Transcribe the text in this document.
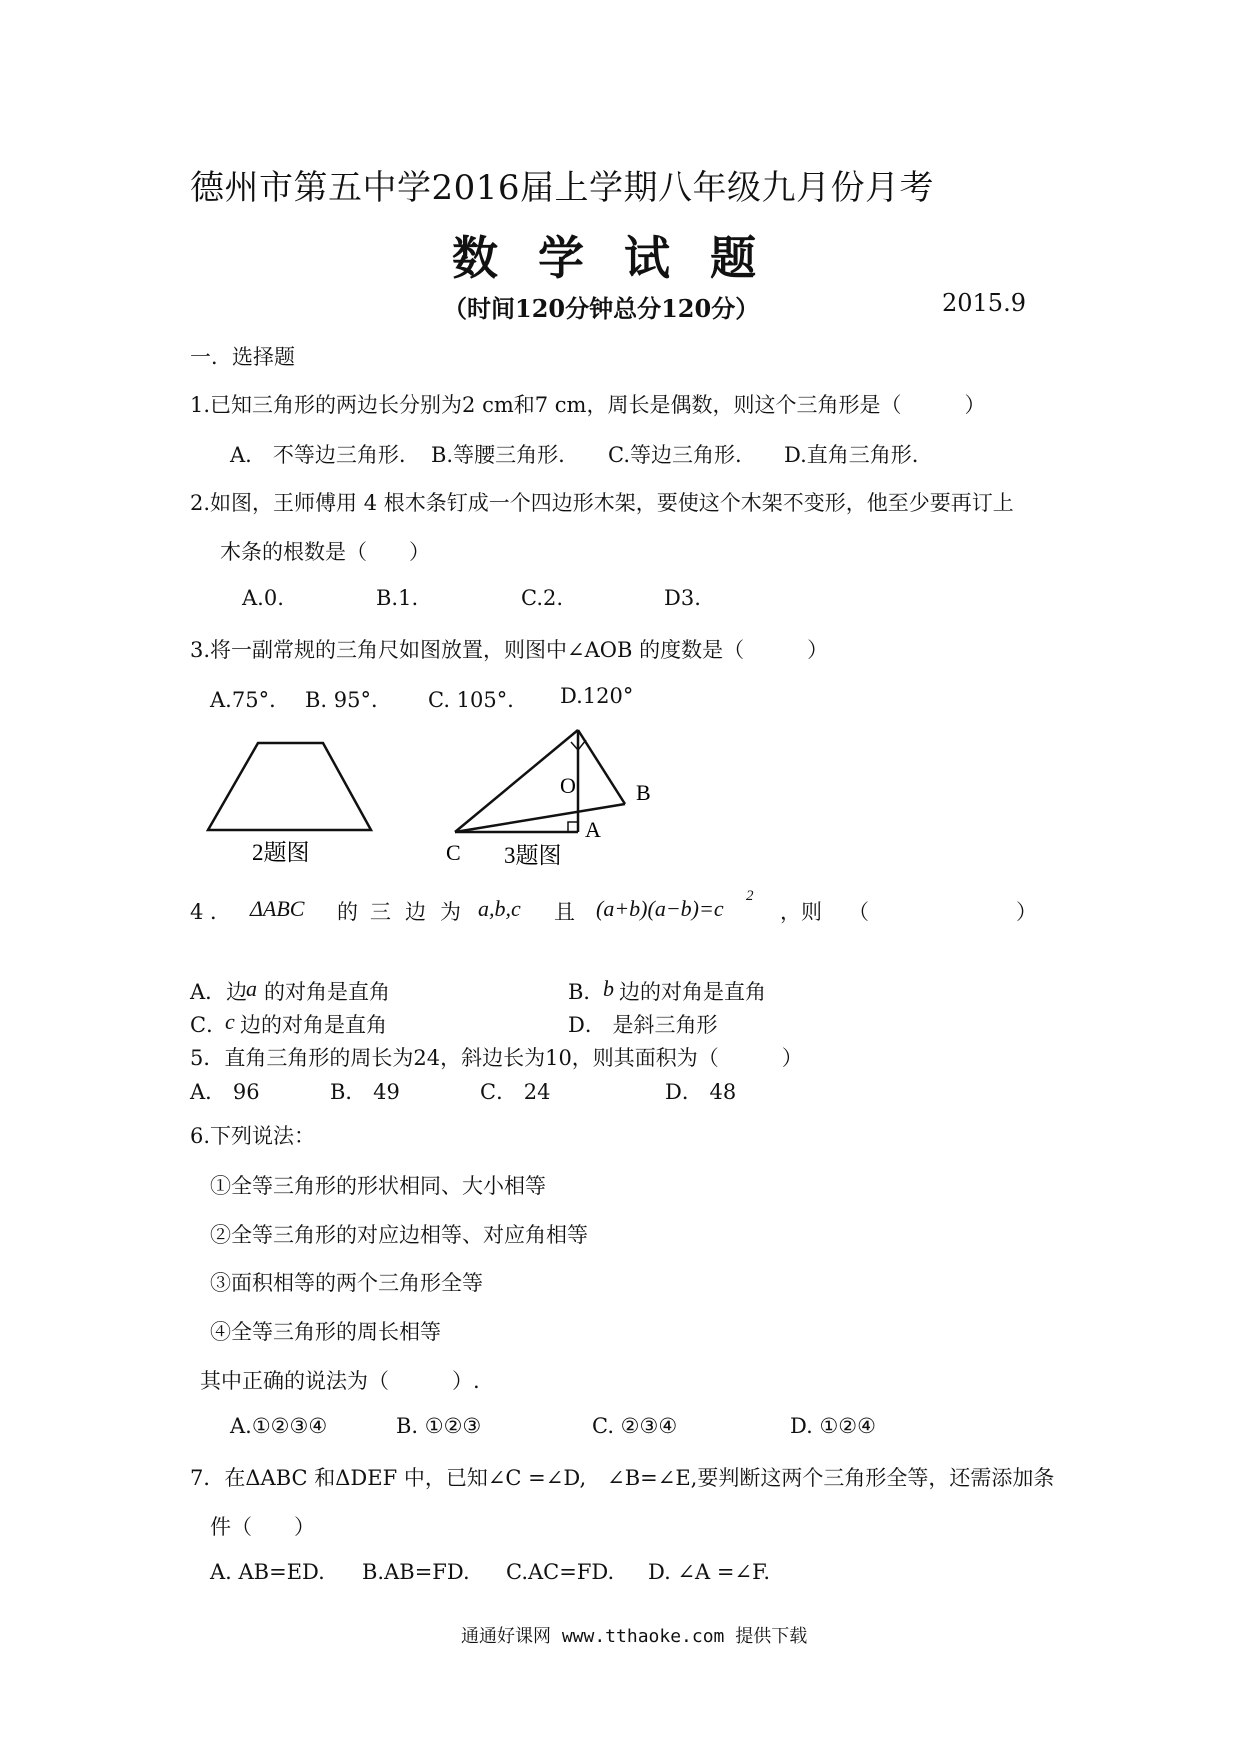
德州市第五中学2016届上学期八年级九月份月考
数 学 试 题
（时间120分钟总分120分）	2015.9
一．选择题
1.已知三角形的两边长分别为2 cm和7 cm，周长是偶数，则这个三角形是（　　　）
A.　不等边三角形. B.等腰三角形. C.等边三角形. D.直角三角形.
2.如图，王师傅用 4 根木条钉成一个四边形木架，要使这个木架不变形，他至少要再订上
木条的根数是（　　）
A.0.	B.1.	C.2.	D3.
3.将一副常规的三角尺如图放置，则图中∠AOB 的度数是（　　　）
A.75°． B. 95°． C. 105°． D.120°
2题图
O	B
C
A
3题图
4 ． ΔABC 的 三 边 为 a,b,c 且 (a+b)(a−b)=c 2
，则 （　　　　　　　）
A．边
a 的对角是直角	B．
b 边的对角是直角
C．
c 边的对角是直角	D． 是斜三角形
5．直角三角形的周长为24，斜边长为10，则其面积为（　　　）
A． 96	B． 49	C． 24	D． 48
6.下列说法：
①全等三角形的形状相同、大小相等
②全等三角形的对应边相等、对应角相等
③面积相等的两个三角形全等
④全等三角形的周长相等
其中正确的说法为（　　　）.
A.①②③④	B. ①②③	C. ②③④	D. ①②④
7．在ΔABC 和ΔDEF 中，已知∠C =∠D,　∠B=∠E,要判断这两个三角形全等，还需添加条
件（　　）
A. AB=ED. B.AB=FD. C.AC=FD. D. ∠A =∠F.
通通好课网 www.tthaoke.com 提供下载
